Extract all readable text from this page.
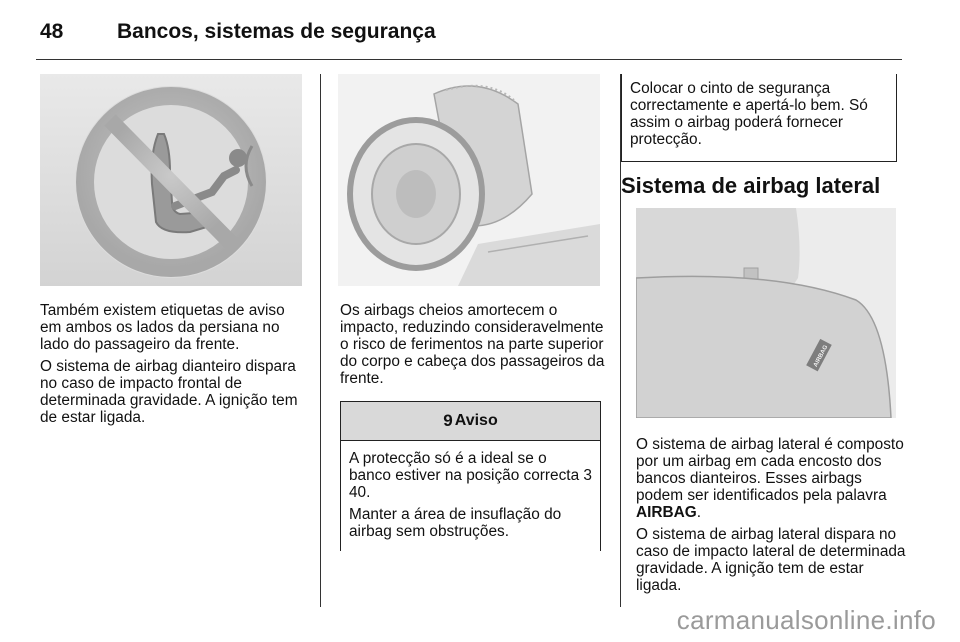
48	Bancos, sistemas de segurança

Também existem etiquetas de aviso em ambos os lados da persiana no lado do passageiro da frente.

O sistema de airbag dianteiro dispara no caso de impacto frontal de determinada gravidade. A ignição tem de estar ligada.

Os airbags cheios amortecem o impacto, reduzindo consideravelmente o risco de ferimentos na parte superior do corpo e cabeça dos passageiros da frente.

9 Aviso

A protecção só é a ideal se o banco estiver na posição correcta 3 40.

Manter a área de insuflação do airbag sem obstruções.

Colocar o cinto de segurança correctamente e apertá-lo bem. Só assim o airbag poderá fornecer protecção.
Sistema de airbag lateral
AIRBAG

O sistema de airbag lateral é composto por um airbag em cada encosto dos bancos dianteiros. Esses airbags podem ser identificados pela palavra AIRBAG.

O sistema de airbag lateral dispara no caso de impacto lateral de determinada gravidade. A ignição tem de estar ligada.

carmanualsonline.info
